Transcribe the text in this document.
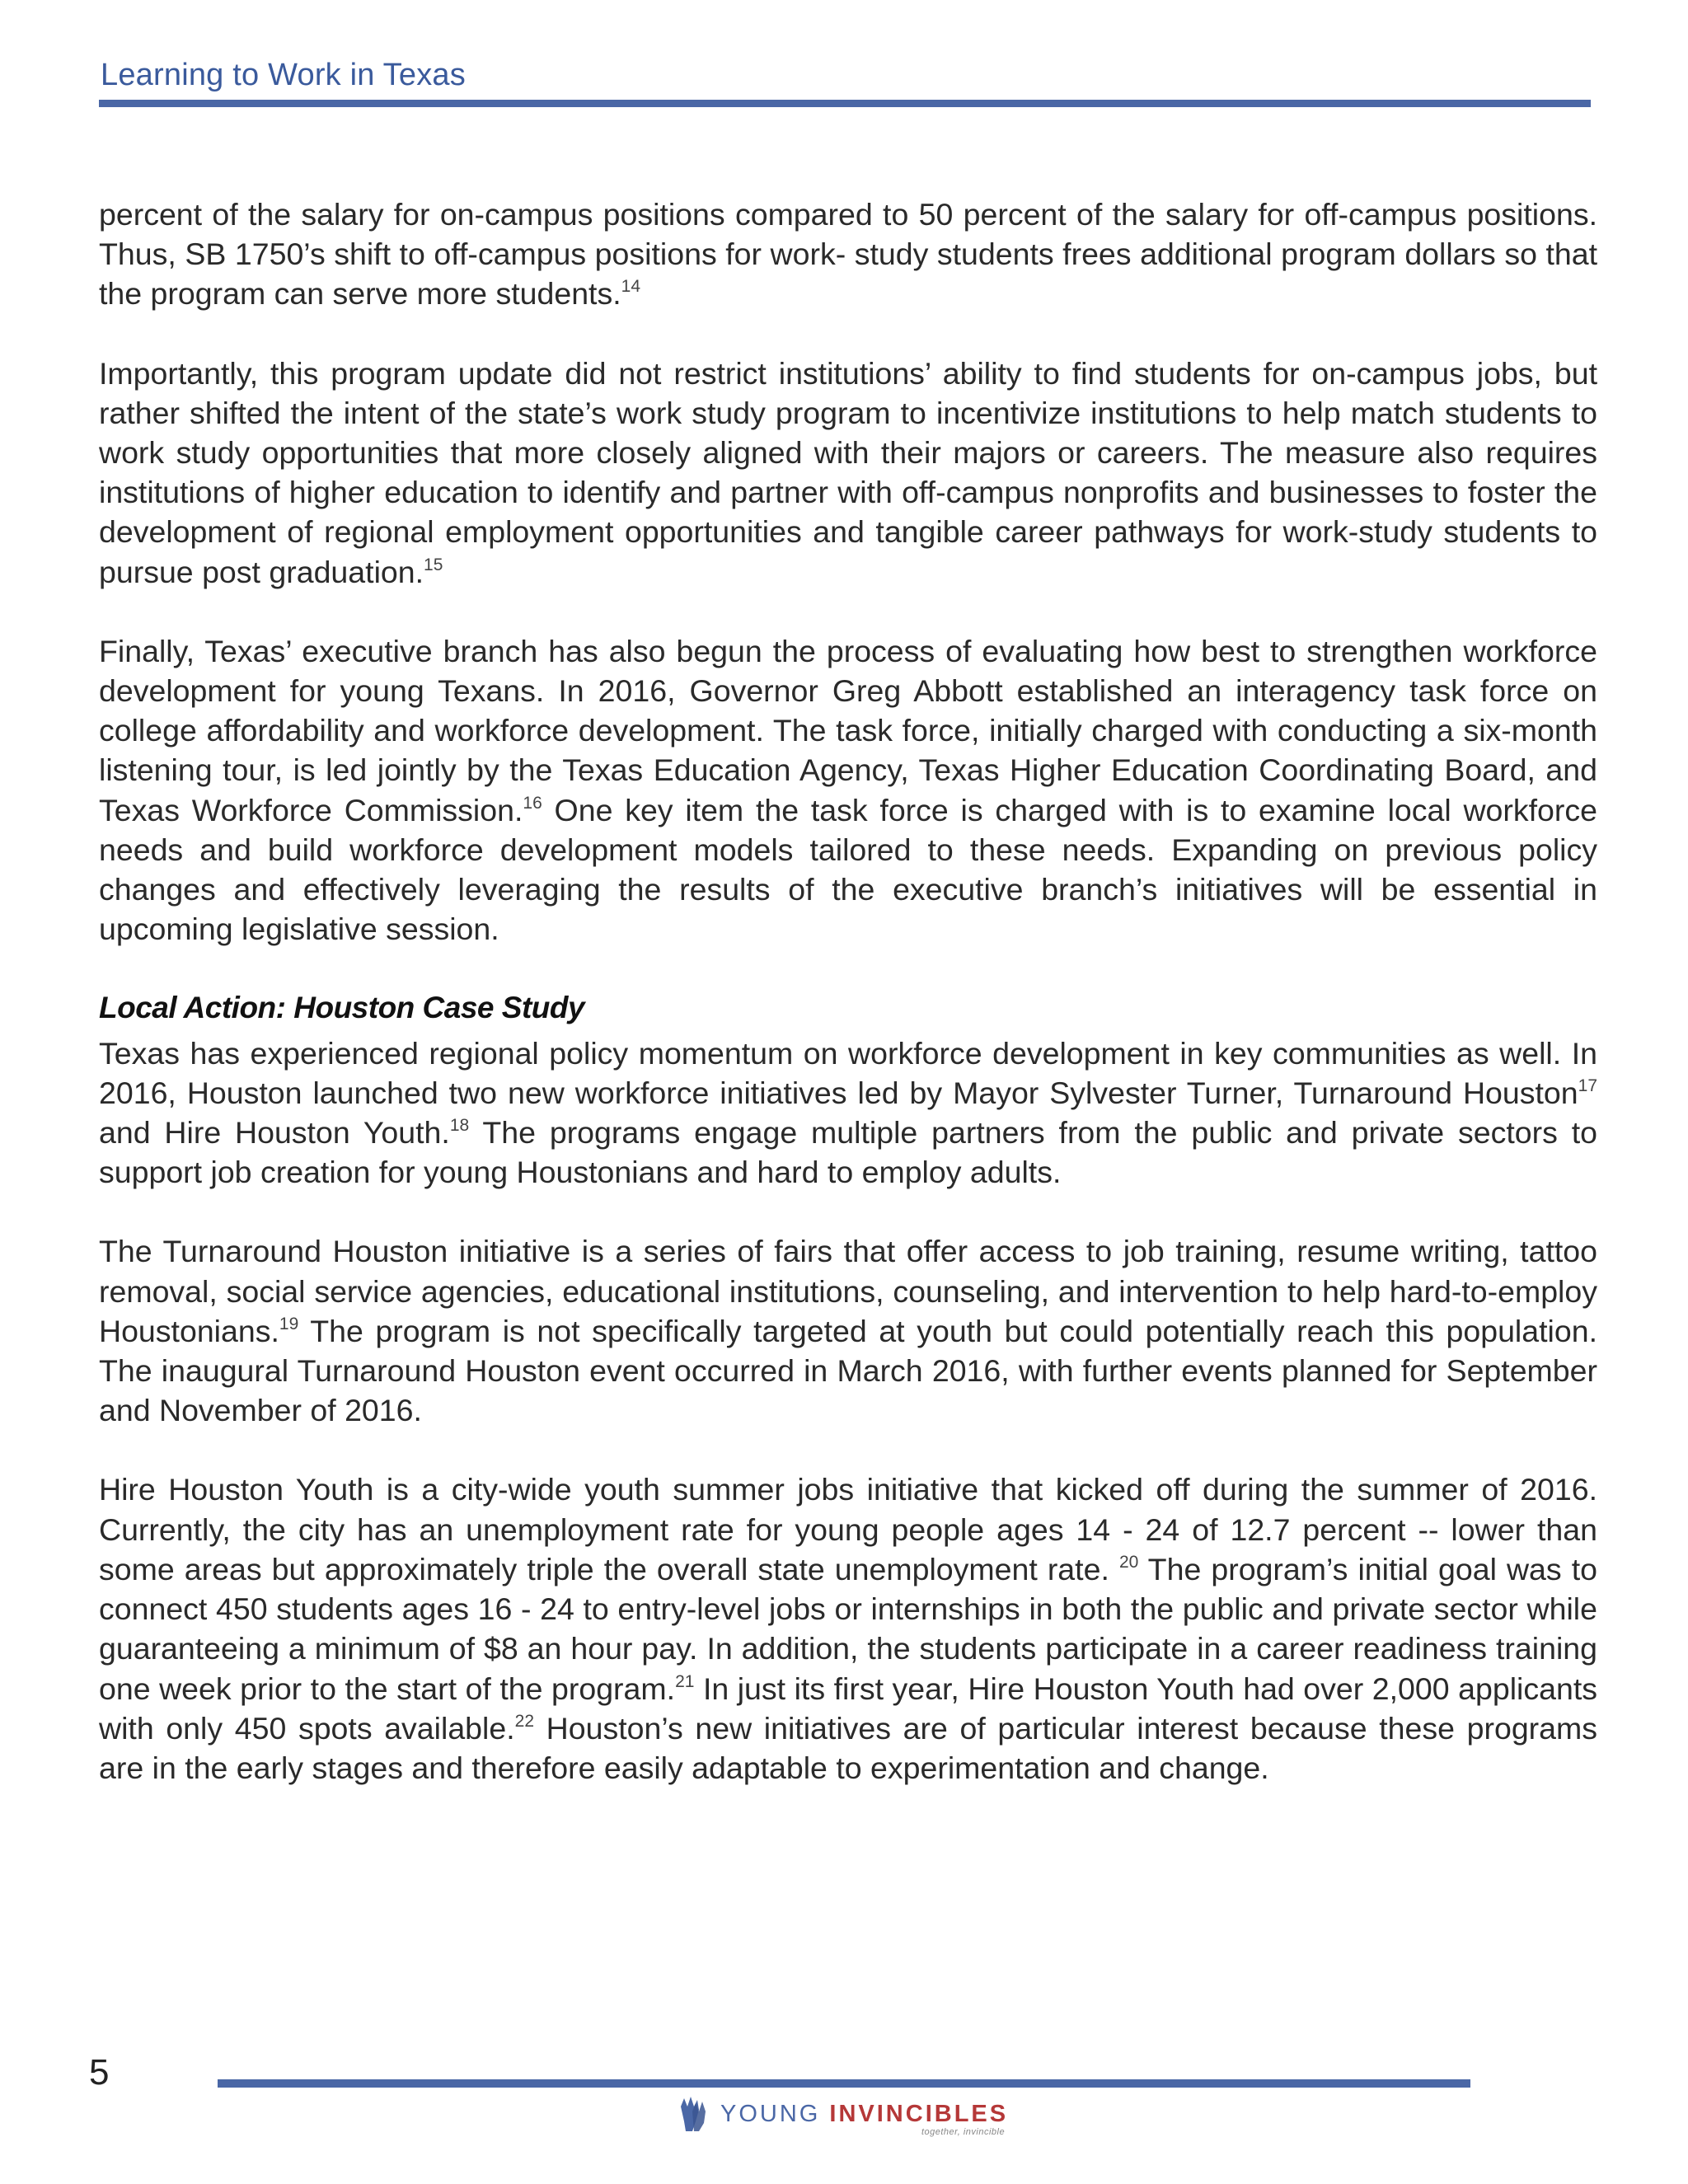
Learning to Work in Texas

percent of the salary for on-campus positions compared to 50 percent of the salary for off-campus positions. Thus, SB 1750’s shift to off-campus positions for work- study students frees additional program dollars so that the program can serve more students.$^{14}$

Importantly, this program update did not restrict institutions’ ability to find students for on-campus jobs, but rather shifted the intent of the state’s work study program to incentivize institutions to help match students to work study opportunities that more closely aligned with their majors or careers. The measure also requires institutions of higher education to identify and partner with off-campus nonprofits and businesses to foster the development of regional employment opportunities and tangible career pathways for work-study students to pursue post graduation.$^{15}$

Finally, Texas’ executive branch has also begun the process of evaluating how best to strengthen workforce development for young Texans. In 2016, Governor Greg Abbott established an interagency task force on college affordability and workforce development. The task force, initially charged with conducting a six-month listening tour, is led jointly by the Texas Education Agency, Texas Higher Education Coordinating Board, and Texas Workforce Commission.$^{16}$ One key item the task force is charged with is to examine local workforce needs and build workforce development models tailored to these needs. Expanding on previous policy changes and effectively leveraging the results of the executive branch’s initiatives will be essential in upcoming legislative session.

Local Action: Houston Case Study

Texas has experienced regional policy momentum on workforce development in key communities as well. In 2016, Houston launched two new workforce initiatives led by Mayor Sylvester Turner, Turnaround Houston$^{17}$ and Hire Houston Youth.$^{18}$ The programs engage multiple partners from the public and private sectors to support job creation for young Houstonians and hard to employ adults.

The Turnaround Houston initiative is a series of fairs that offer access to job training, resume writing, tattoo removal, social service agencies, educational institutions, counseling, and intervention to help hard-to-employ Houstonians.$^{19}$ The program is not specifically targeted at youth but could potentially reach this population. The inaugural Turnaround Houston event occurred in March 2016, with further events planned for September and November of 2016.

Hire Houston Youth is a city-wide youth summer jobs initiative that kicked off during the summer of 2016. Currently, the city has an unemployment rate for young people ages 14 - 24 of 12.7 percent -- lower than some areas but approximately triple the overall state unemployment rate. $^{20}$ The program’s initial goal was to connect 450 students ages 16 - 24 to entry-level jobs or internships in both the public and private sector while guaranteeing a minimum of $8 an hour pay. In addition, the students participate in a career readiness training one week prior to the start of the program.$^{21}$ In just its first year, Hire Houston Youth had over 2,000 applicants with only 450 spots available.$^{22}$ Houston’s new initiatives are of particular interest because these programs are in the early stages and therefore easily adaptable to experimentation and change.

5
YOUNG INVINCIBLES
together, invincible
